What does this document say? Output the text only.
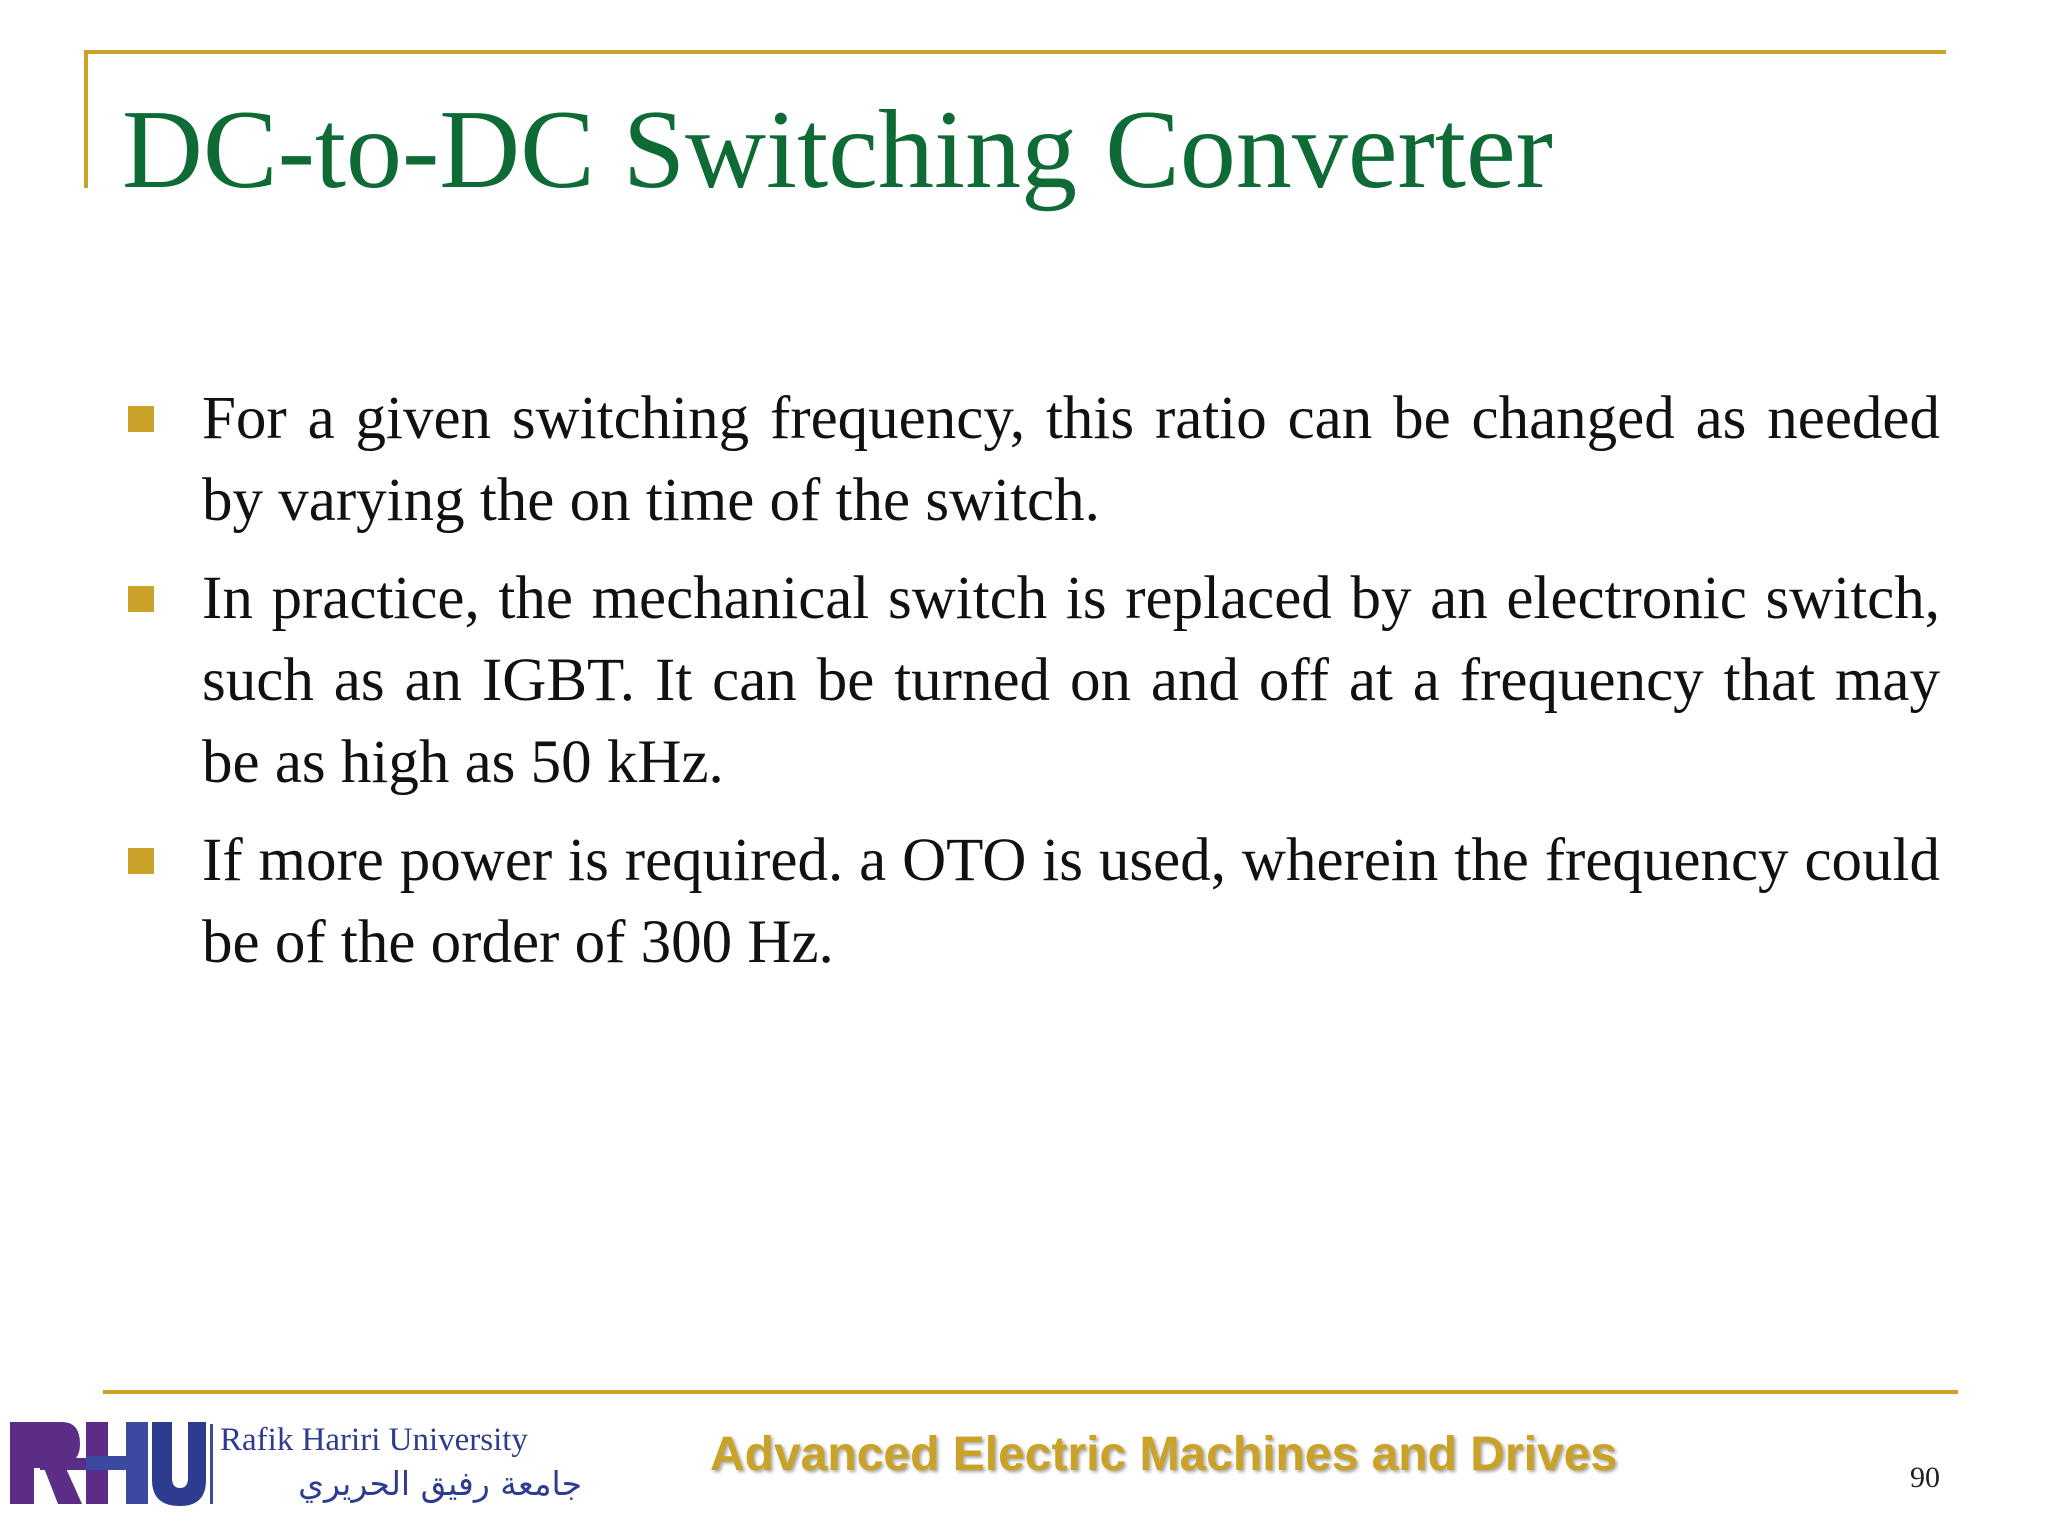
DC-to-DC Switching Converter
For a given switching frequency, this ratio can be changed as needed by varying the on time of the switch.
In practice, the mechanical switch is replaced by an electronic switch, such as an IGBT. It can be turned on and off at a frequency that may be as high as 50 kHz.
If more power is required. a OTO is used, wherein the frequency could be of the order of 300 Hz.
Rafik Hariri University
جامعة رفيق الحريري
Advanced Electric Machines and Drives	90
